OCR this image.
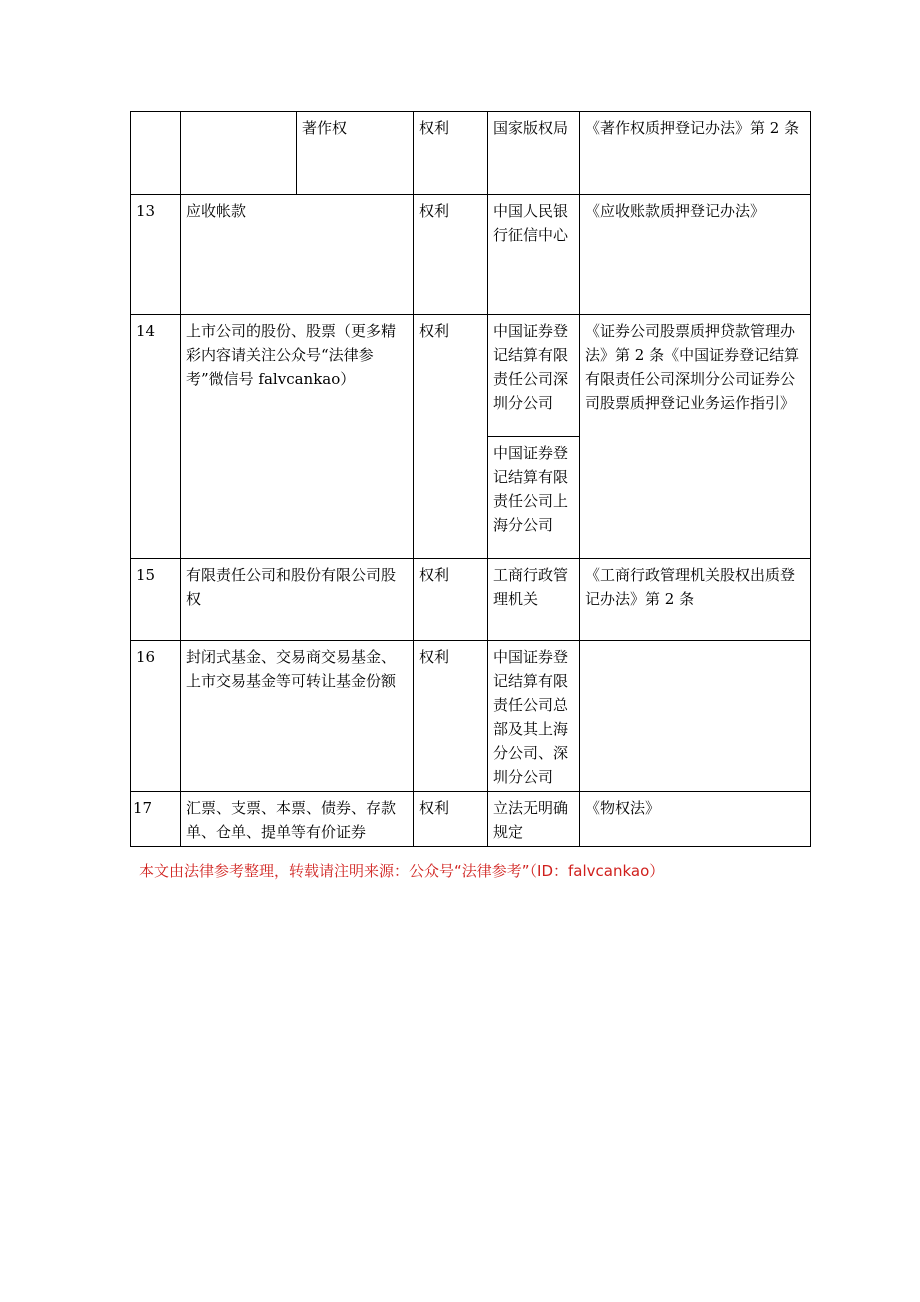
		著作权	权利	国家版权局	《著作权质押登记办法》第 2 条
13	应收帐款		权利	中国人民银行征信中心	《应收账款质押登记办法》
14	上市公司的股份、股票（更多精彩内容请关注公众号“法律参考”微信号 falvcankao）		权利	中国证券登记结算有限责任公司深圳分公司	《证券公司股票质押贷款管理办法》第 2 条《中国证券登记结算有限责任公司深圳分公司证券公司股票质押登记业务运作指引》
				中国证券登记结算有限责任公司上海分公司	
15	有限责任公司和股份有限公司股权		权利	工商行政管理机关	《工商行政管理机关股权出质登记办法》第 2 条
16	封闭式基金、交易商交易基金、上市交易基金等可转让基金份额		权利	中国证券登记结算有限责任公司总部及其上海分公司、深圳分公司	
17	汇票、支票、本票、债券、存款单、仓单、提单等有价证券		权利	立法无明确规定	《物权法》
本文由法律参考整理，转载请注明来源：公众号“法律参考”（ID：falvcankao）
